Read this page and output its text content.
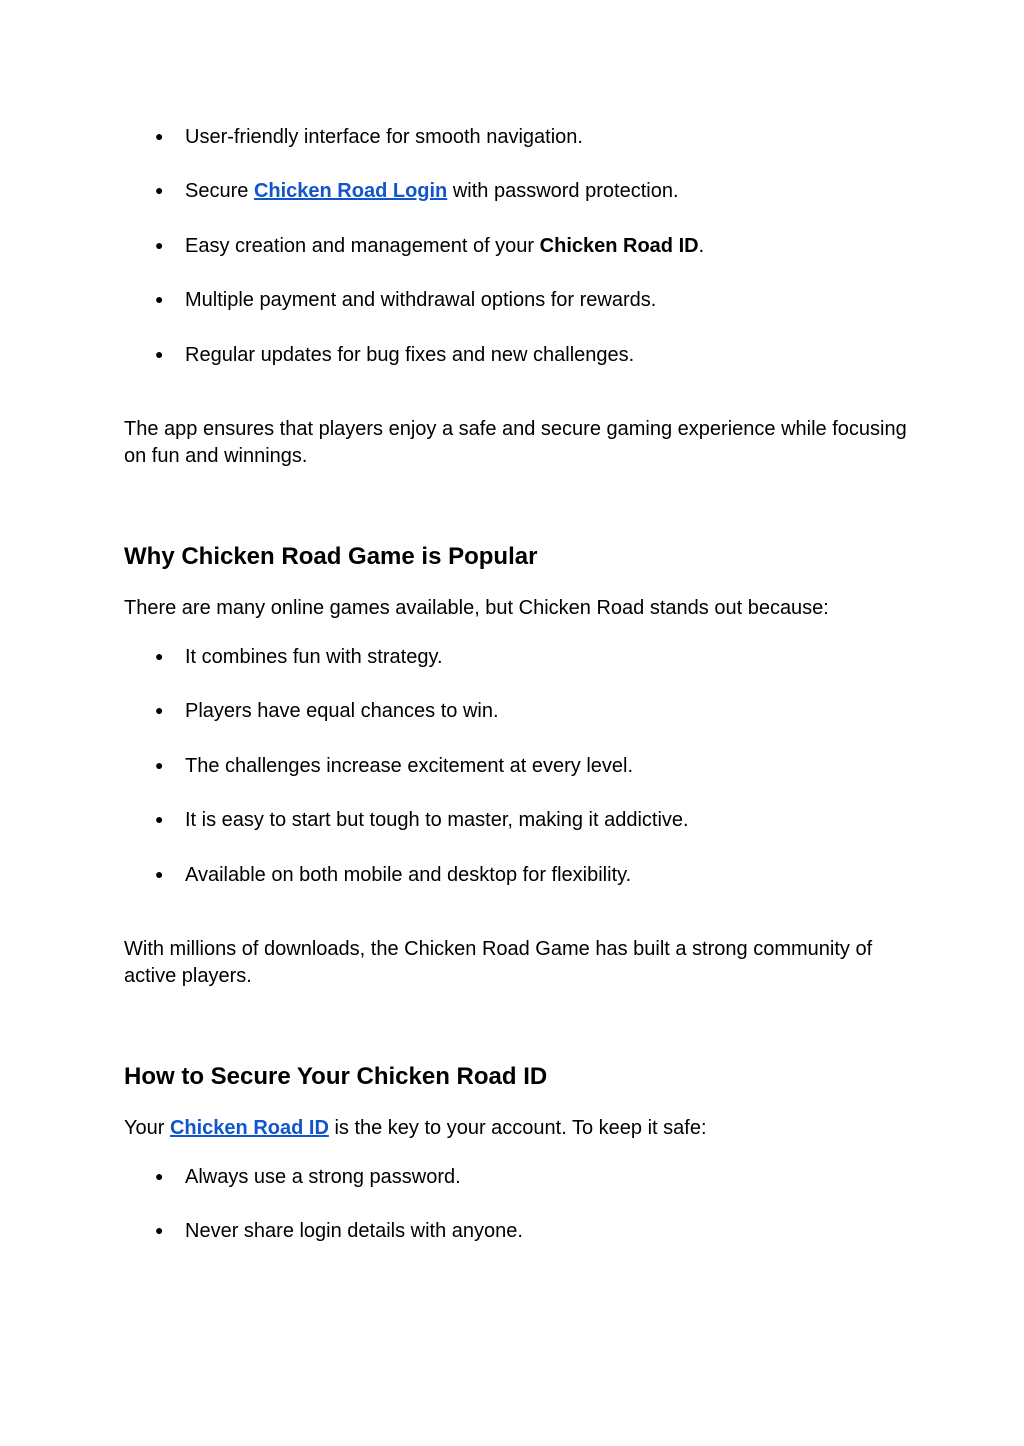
● User-friendly interface for smooth navigation.
● Secure Chicken Road Login with password protection.
● Easy creation and management of your Chicken Road ID.
● Multiple payment and withdrawal options for rewards.
● Regular updates for bug fixes and new challenges.
The app ensures that players enjoy a safe and secure gaming experience while focusing on fun and winnings.
Why Chicken Road Game is Popular
There are many online games available, but Chicken Road stands out because:
● It combines fun with strategy.
● Players have equal chances to win.
● The challenges increase excitement at every level.
● It is easy to start but tough to master, making it addictive.
● Available on both mobile and desktop for flexibility.
With millions of downloads, the Chicken Road Game has built a strong community of active players.
How to Secure Your Chicken Road ID
Your Chicken Road ID is the key to your account. To keep it safe:
● Always use a strong password.
● Never share login details with anyone.
